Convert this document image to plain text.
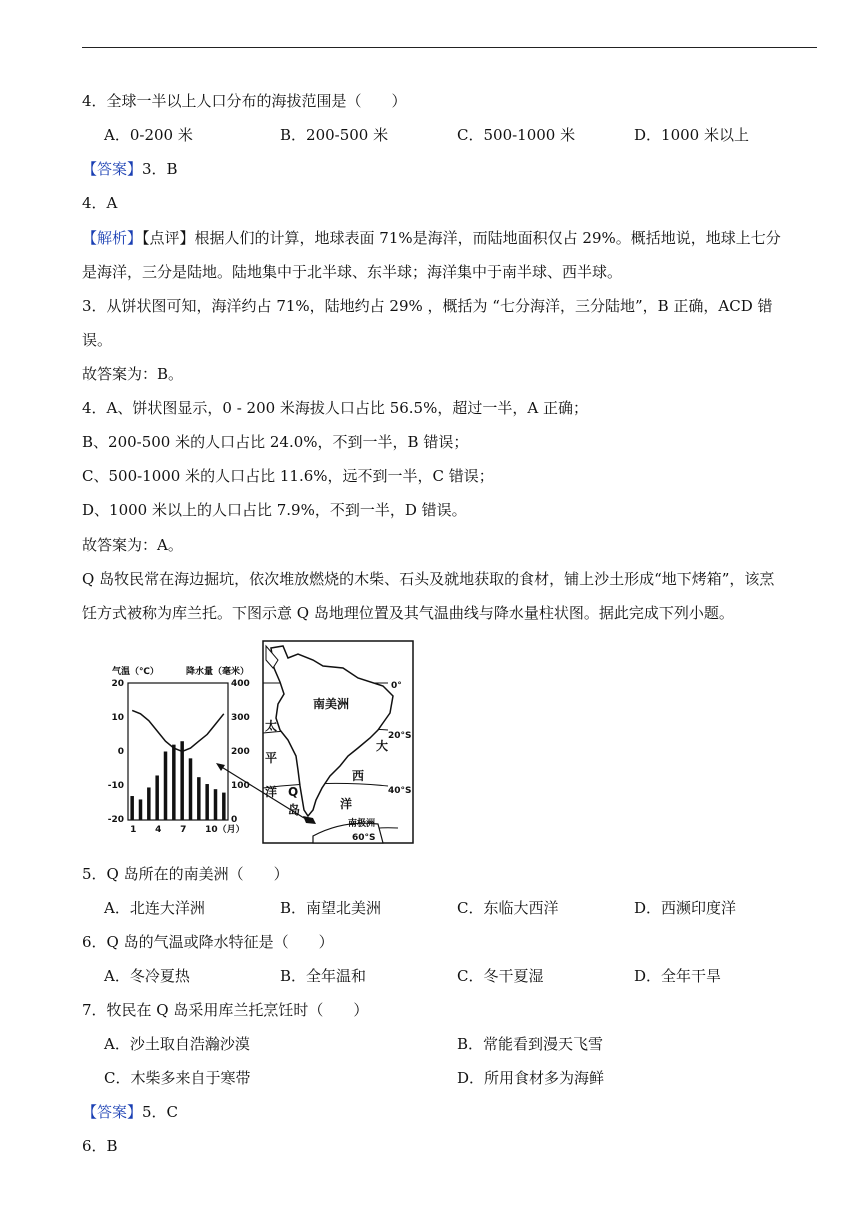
4．全球一半以上人口分布的海拔范围是（　　）
A．0-200 米	B．200-500 米	C．500-1000 米	D．1000 米以上
【答案】3．B
4．A
【解析】【点评】根据人们的计算，地球表面 71%是海洋，而陆地面积仅占 29%。概括地说，地球上七分
是海洋，三分是陆地。陆地集中于北半球、东半球；海洋集中于南半球、西半球。
3．从饼状图可知，海洋约占 71%，陆地约占 29% ，概括为 “七分海洋，三分陆地”，B 正确，ACD 错
误。
故答案为：B。
4．A、饼状图显示，0 - 200 米海拔人口占比 56.5%，超过一半，A 正确；
B、200-500 米的人口占比 24.0%，不到一半，B 错误；
C、500-1000 米的人口占比 11.6%，远不到一半，C 错误；
D、1000 米以上的人口占比 7.9%，不到一半，D 错误。
故答案为：A。
Q 岛牧民常在海边掘坑，依次堆放燃烧的木柴、石头及就地获取的食材，铺上沙土形成“地下烤箱”，该烹
饪方式被称为库兰托。下图示意 Q 岛地理位置及其气温曲线与降水量柱状图。据此完成下列小题。
气温（℃）	降水量（毫米）
20
10
0
-10
-20
400
300
200
100
0
1 4 7 10（月）
南美洲
太
平
洋
大
西
洋
Q
岛
南极洲
0°
20°S
40°S
60°S
5．Q 岛所在的南美洲（　　）
A．北连大洋洲	B．南望北美洲	C．东临大西洋	D．西濒印度洋
6．Q 岛的气温或降水特征是（　　）
A．冬冷夏热	B．全年温和	C．冬干夏湿	D．全年干旱
7．牧民在 Q 岛采用库兰托烹饪时（　　）
A．沙土取自浩瀚沙漠	B．常能看到漫天飞雪
C．木柴多来自于寒带	D．所用食材多为海鲜
【答案】5．C
6．B
